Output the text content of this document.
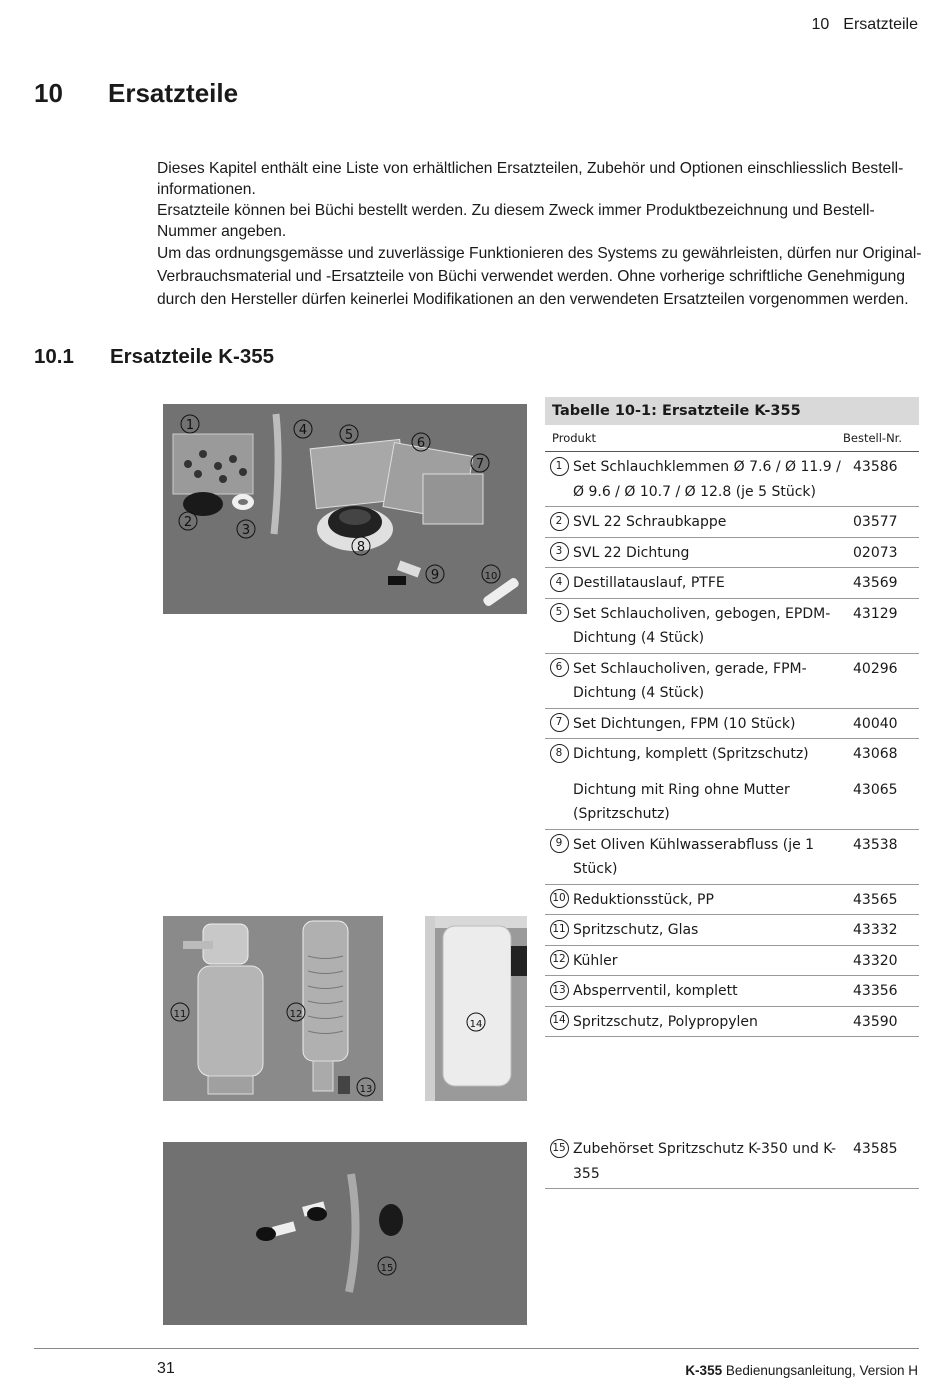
10 Ersatzteile
10 Ersatzteile

Dieses Kapitel enthält eine Liste von erhältlichen Ersatzteilen, Zubehör und Optionen einschliesslich Bestell-informationen.

Ersatzteile können bei Büchi bestellt werden. Zu diesem Zweck immer Produktbezeichnung und Bestell-Nummer angeben.

Um das ordnungsgemässe und zuverlässige Funktionieren des Systems zu gewährleisten, dürfen nur Original-Verbrauchsmaterial und -Ersatzteile von Büchi verwendet werden. Ohne vorherige schriftliche Genehmigung durch den Hersteller dürfen keinerlei Modifikationen an den verwendeten Ersatzteilen vorgenommen werden.

10.1 Ersatzteile K-355
1
2
3
4	5
6
7
8
9	10
11	12
13
14
15
Tabelle 10-1: Ersatzteile K-355
Produkt	Bestell-Nr.
1 Set Schlauchklemmen Ø 7.6 / Ø 11.9 / Ø 9.6 / Ø 10.7 / Ø 12.8 (je 5 Stück)
43586
2 SVL 22 Schraubkappe	03577
3 SVL 22 Dichtung	02073
4 Destillatauslauf, PTFE	43569
5 Set Schlaucholiven, gebogen, EPDM-Dichtung (4 Stück)
43129
6 Set Schlaucholiven, gerade, FPM-Dichtung (4 Stück)
40296
7 Set Dichtungen, FPM (10 Stück)	40040
8 Dichtung, komplett (Spritzschutz)	43068
Dichtung mit Ring ohne Mutter (Spritzschutz)
43065
9 Set Oliven Kühlwasserabfluss (je 1 Stück)
43538
10 Reduktionsstück, PP	43565
11 Spritzschutz, Glas	43332
12 Kühler	43320
13 Absperrventil, komplett	43356
14 Spritzschutz, Polypropylen	43590
15 Zubehörset Spritzschutz K-350 und K-355
43585
31	K-355 Bedienungsanleitung, Version H
